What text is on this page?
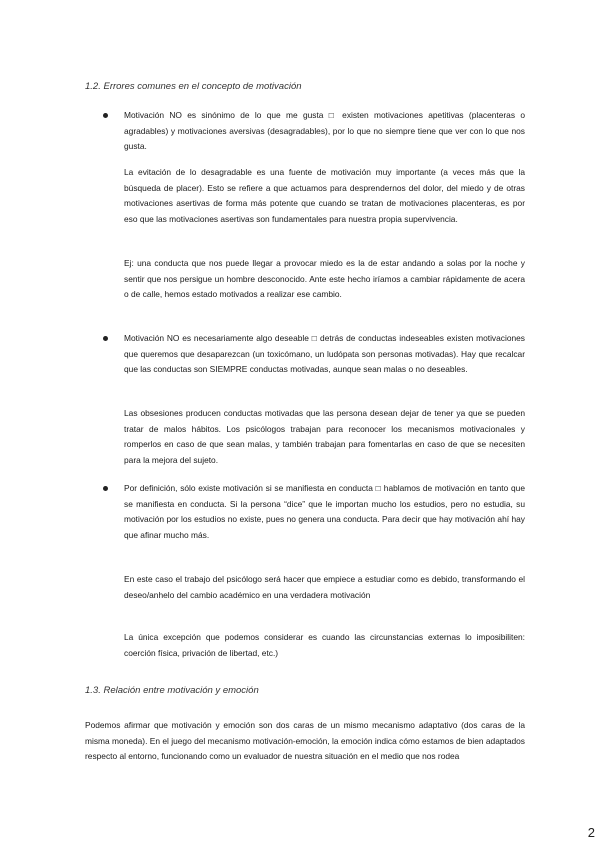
1.2. Errores comunes en el concepto de motivación

Motivación NO es sinónimo de lo que me gusta □ existen motivaciones apetitivas (placenteras o agradables) y motivaciones aversivas (desagradables), por lo que no siempre tiene que ver con lo que nos gusta.

La evitación de lo desagradable es una fuente de motivación muy importante (a veces más que la búsqueda de placer). Esto se refiere a que actuamos para desprendernos del dolor, del miedo y de otras motivaciones asertivas de forma más potente que cuando se tratan de motivaciones placenteras, es por eso que las motivaciones asertivas son fundamentales para nuestra propia supervivencia.

Ej: una conducta que nos puede llegar a provocar miedo es la de estar andando a solas por la noche y sentir que nos persigue un hombre desconocido. Ante este hecho iríamos a cambiar rápidamente de acera o de calle, hemos estado motivados a realizar ese cambio.

Motivación NO es necesariamente algo deseable □ detrás de conductas indeseables existen motivaciones que queremos que desaparezcan (un toxicómano, un ludópata son personas motivadas). Hay que recalcar que las conductas son SIEMPRE conductas motivadas, aunque sean malas o no deseables.

Las obsesiones producen conductas motivadas que las persona desean dejar de tener ya que se pueden tratar de malos hábitos. Los psicólogos trabajan para reconocer los mecanismos motivacionales y romperlos en caso de que sean malas, y también trabajan para fomentarlas en caso de que se necesiten para la mejora del sujeto.

Por definición, sólo existe motivación si se manifiesta en conducta □ hablamos de motivación en tanto que se manifiesta en conducta. Si la persona “dice” que le importan mucho los estudios, pero no estudia, su motivación por los estudios no existe, pues no genera una conducta. Para decir que hay motivación ahí hay que afinar mucho más.

En este caso el trabajo del psicólogo será hacer que empiece a estudiar como es debido, transformando el deseo/anhelo del cambio académico en una verdadera motivación

La única excepción que podemos considerar es cuando las circunstancias externas lo imposibiliten: coerción física, privación de libertad, etc.)

1.3. Relación entre motivación y emoción

Podemos afirmar que motivación y emoción son dos caras de un mismo mecanismo adaptativo (dos caras de la misma moneda). En el juego del mecanismo motivación-emoción, la emoción indica cómo estamos de bien adaptados respecto al entorno, funcionando como un evaluador de nuestra situación en el medio que nos rodea

2
